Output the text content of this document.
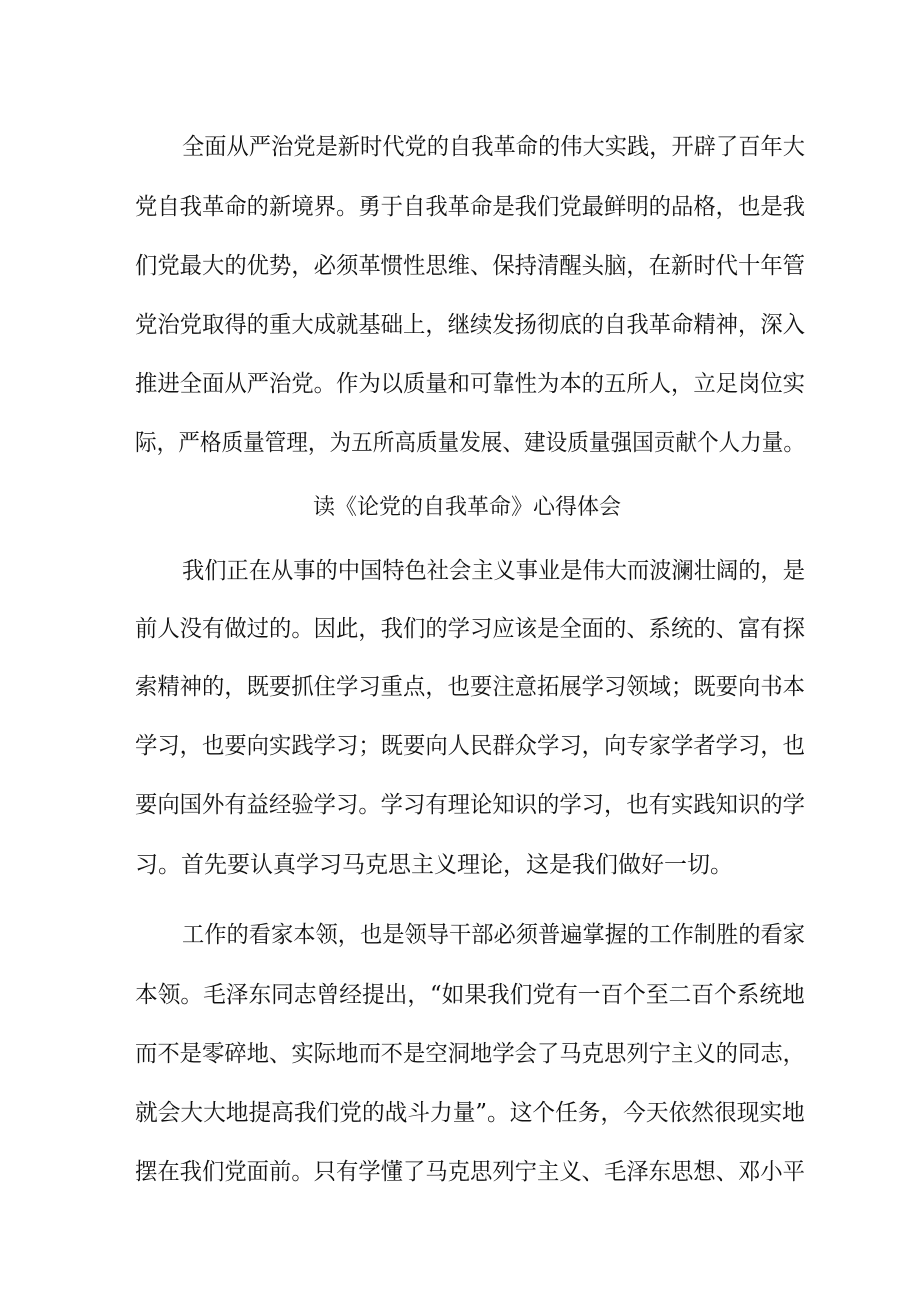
全面从严治党是新时代党的自我革命的伟大实践，开辟了百年大
党自我革命的新境界。勇于自我革命是我们党最鲜明的品格，也是我
们党最大的优势，必须革惯性思维、保持清醒头脑，在新时代十年管
党治党取得的重大成就基础上，继续发扬彻底的自我革命精神，深入
推进全面从严治党。作为以质量和可靠性为本的五所人，立足岗位实
际，严格质量管理，为五所高质量发展、建设质量强国贡献个人力量。
读《论党的自我革命》心得体会
我们正在从事的中国特色社会主义事业是伟大而波澜壮阔的，是
前人没有做过的。因此，我们的学习应该是全面的、系统的、富有探
索精神的，既要抓住学习重点，也要注意拓展学习领域；既要向书本
学习，也要向实践学习；既要向人民群众学习，向专家学者学习，也
要向国外有益经验学习。学习有理论知识的学习，也有实践知识的学
习。首先要认真学习马克思主义理论，这是我们做好一切。
工作的看家本领，也是领导干部必须普遍掌握的工作制胜的看家
本领。毛泽东同志曾经提出，“如果我们党有一百个至二百个系统地
而不是零碎地、实际地而不是空洞地学会了马克思列宁主义的同志，
就会大大地提高我们党的战斗力量”。这个任务，今天依然很现实地
摆在我们党面前。只有学懂了马克思列宁主义、毛泽东思想、邓小平
